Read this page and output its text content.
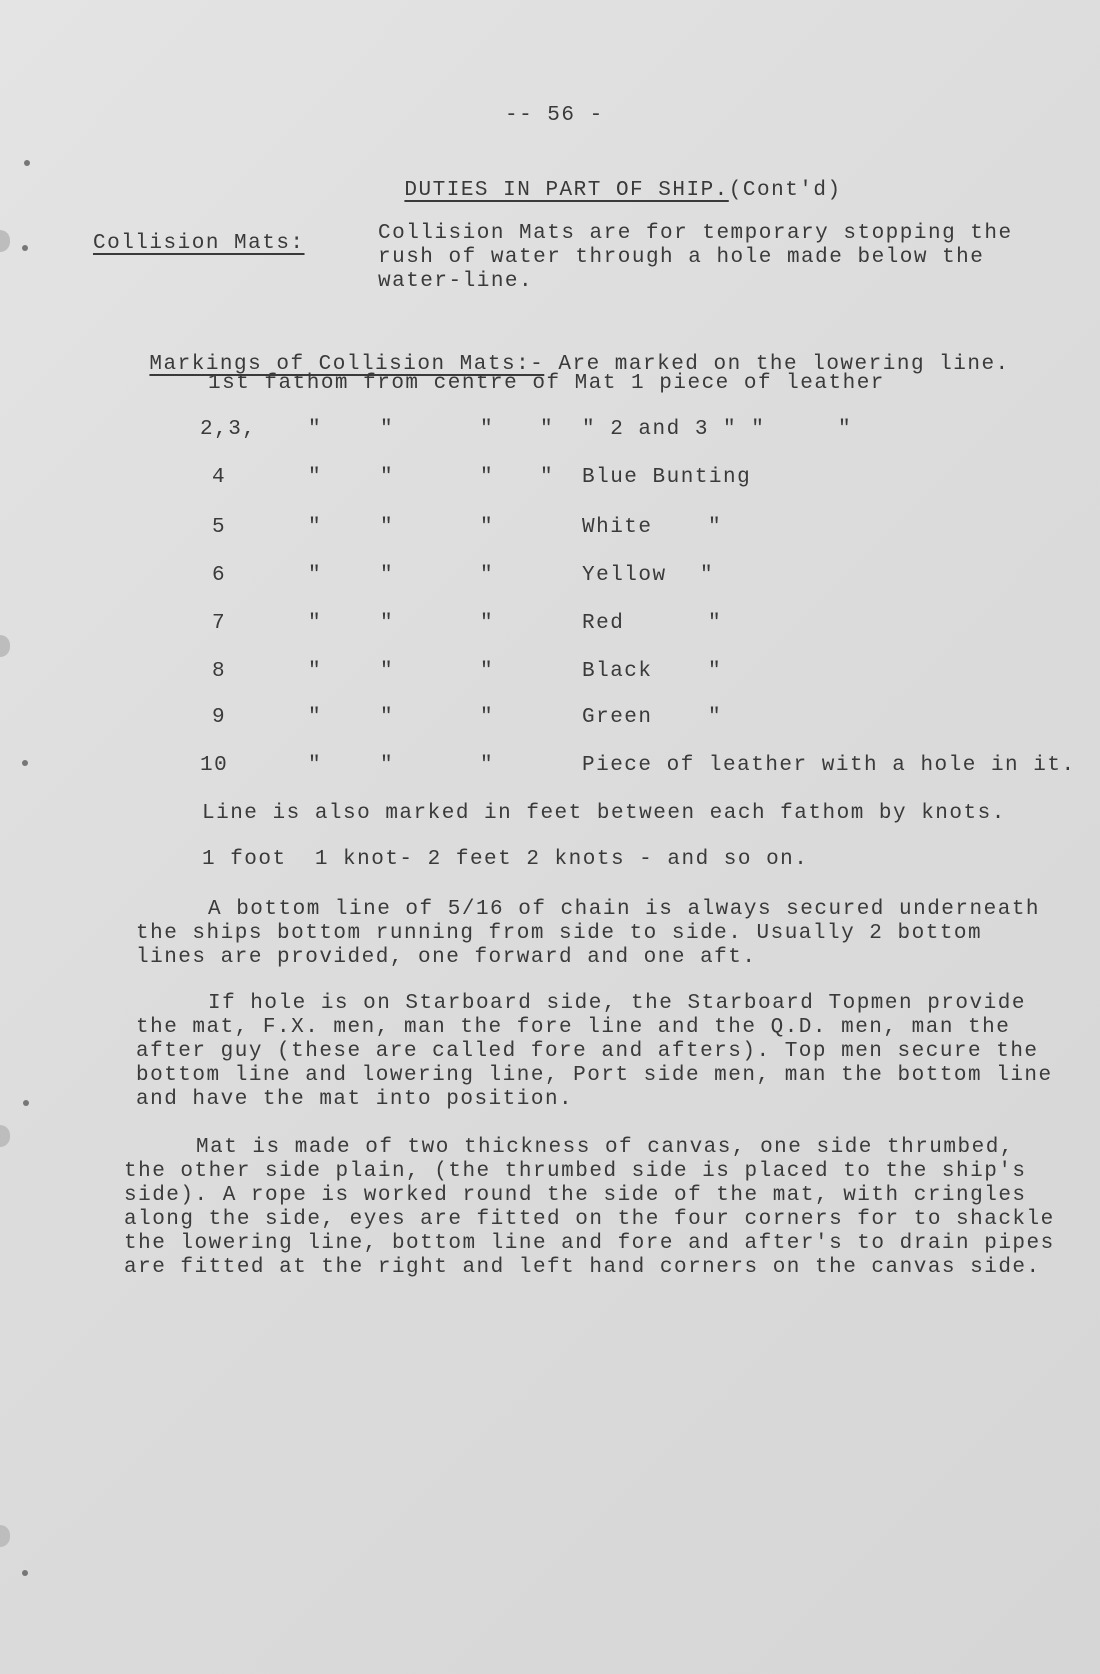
-- 56 -

DUTIES IN PART OF SHIP.(Cont'd)

Collision Mats:	Collision Mats are for temporary stopping the rush of water through a hole made below the water-line.

Markings of Collision Mats:- Are marked on the lowering line.

1st fathom from centre of Mat 1 piece of leather
2,3, "	"	" " " 2 and 3 " "	"
4	"	"	" " Blue Bunting
5	"	"	"	White	"
6	"	"	"	Yellow "
7	"	"	"	Red	"
8	"	"	"	Black	"
9	"	"	"	Green	"
10	"	"	"	Piece of leather with a hole in it.
Line is also marked in feet between each fathom by knots.
1 foot  1 knot- 2 feet 2 knots - and so on.
A bottom line of 5/16 of chain is always secured underneath the ships bottom running from side to side. Usually 2 bottom lines are provided, one forward and one aft.
If hole is on Starboard side, the Starboard Topmen provide the mat, F.X. men, man the fore line and the Q.D. men, man the after guy (these are called fore and afters). Top men secure the bottom line and lowering line, Port side men, man the bottom line and have the mat into position.
Mat is made of two thickness of canvas, one side thrumbed, the other side plain, (the thrumbed side is placed to the ship's side). A rope is worked round the side of the mat, with cringles along the side, eyes are fitted on the four corners for to shackle the lowering line, bottom line and fore and after's to drain pipes are fitted at the right and left hand corners on the canvas side.
